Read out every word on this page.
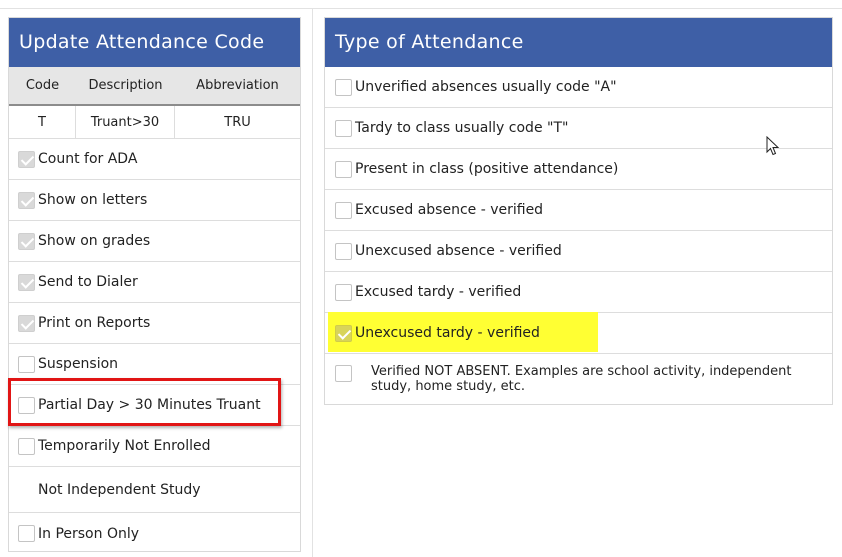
Update Attendance Code
Code	Description	Abbreviation
T	Truant>30	TRU
Count for ADA
Show on letters
Show on grades
Send to Dialer
Print on Reports
Suspension
Partial Day > 30 Minutes Truant
Temporarily Not Enrolled
Not Independent Study
In Person Only
Type of Attendance
Unverified absences usually code "A"
Tardy to class usually code "T"
Present in class (positive attendance)
Excused absence - verified
Unexcused absence - verified
Excused tardy - verified
Unexcused tardy - verified
Verified NOT ABSENT. Examples are school activity, independent study, home study, etc.
